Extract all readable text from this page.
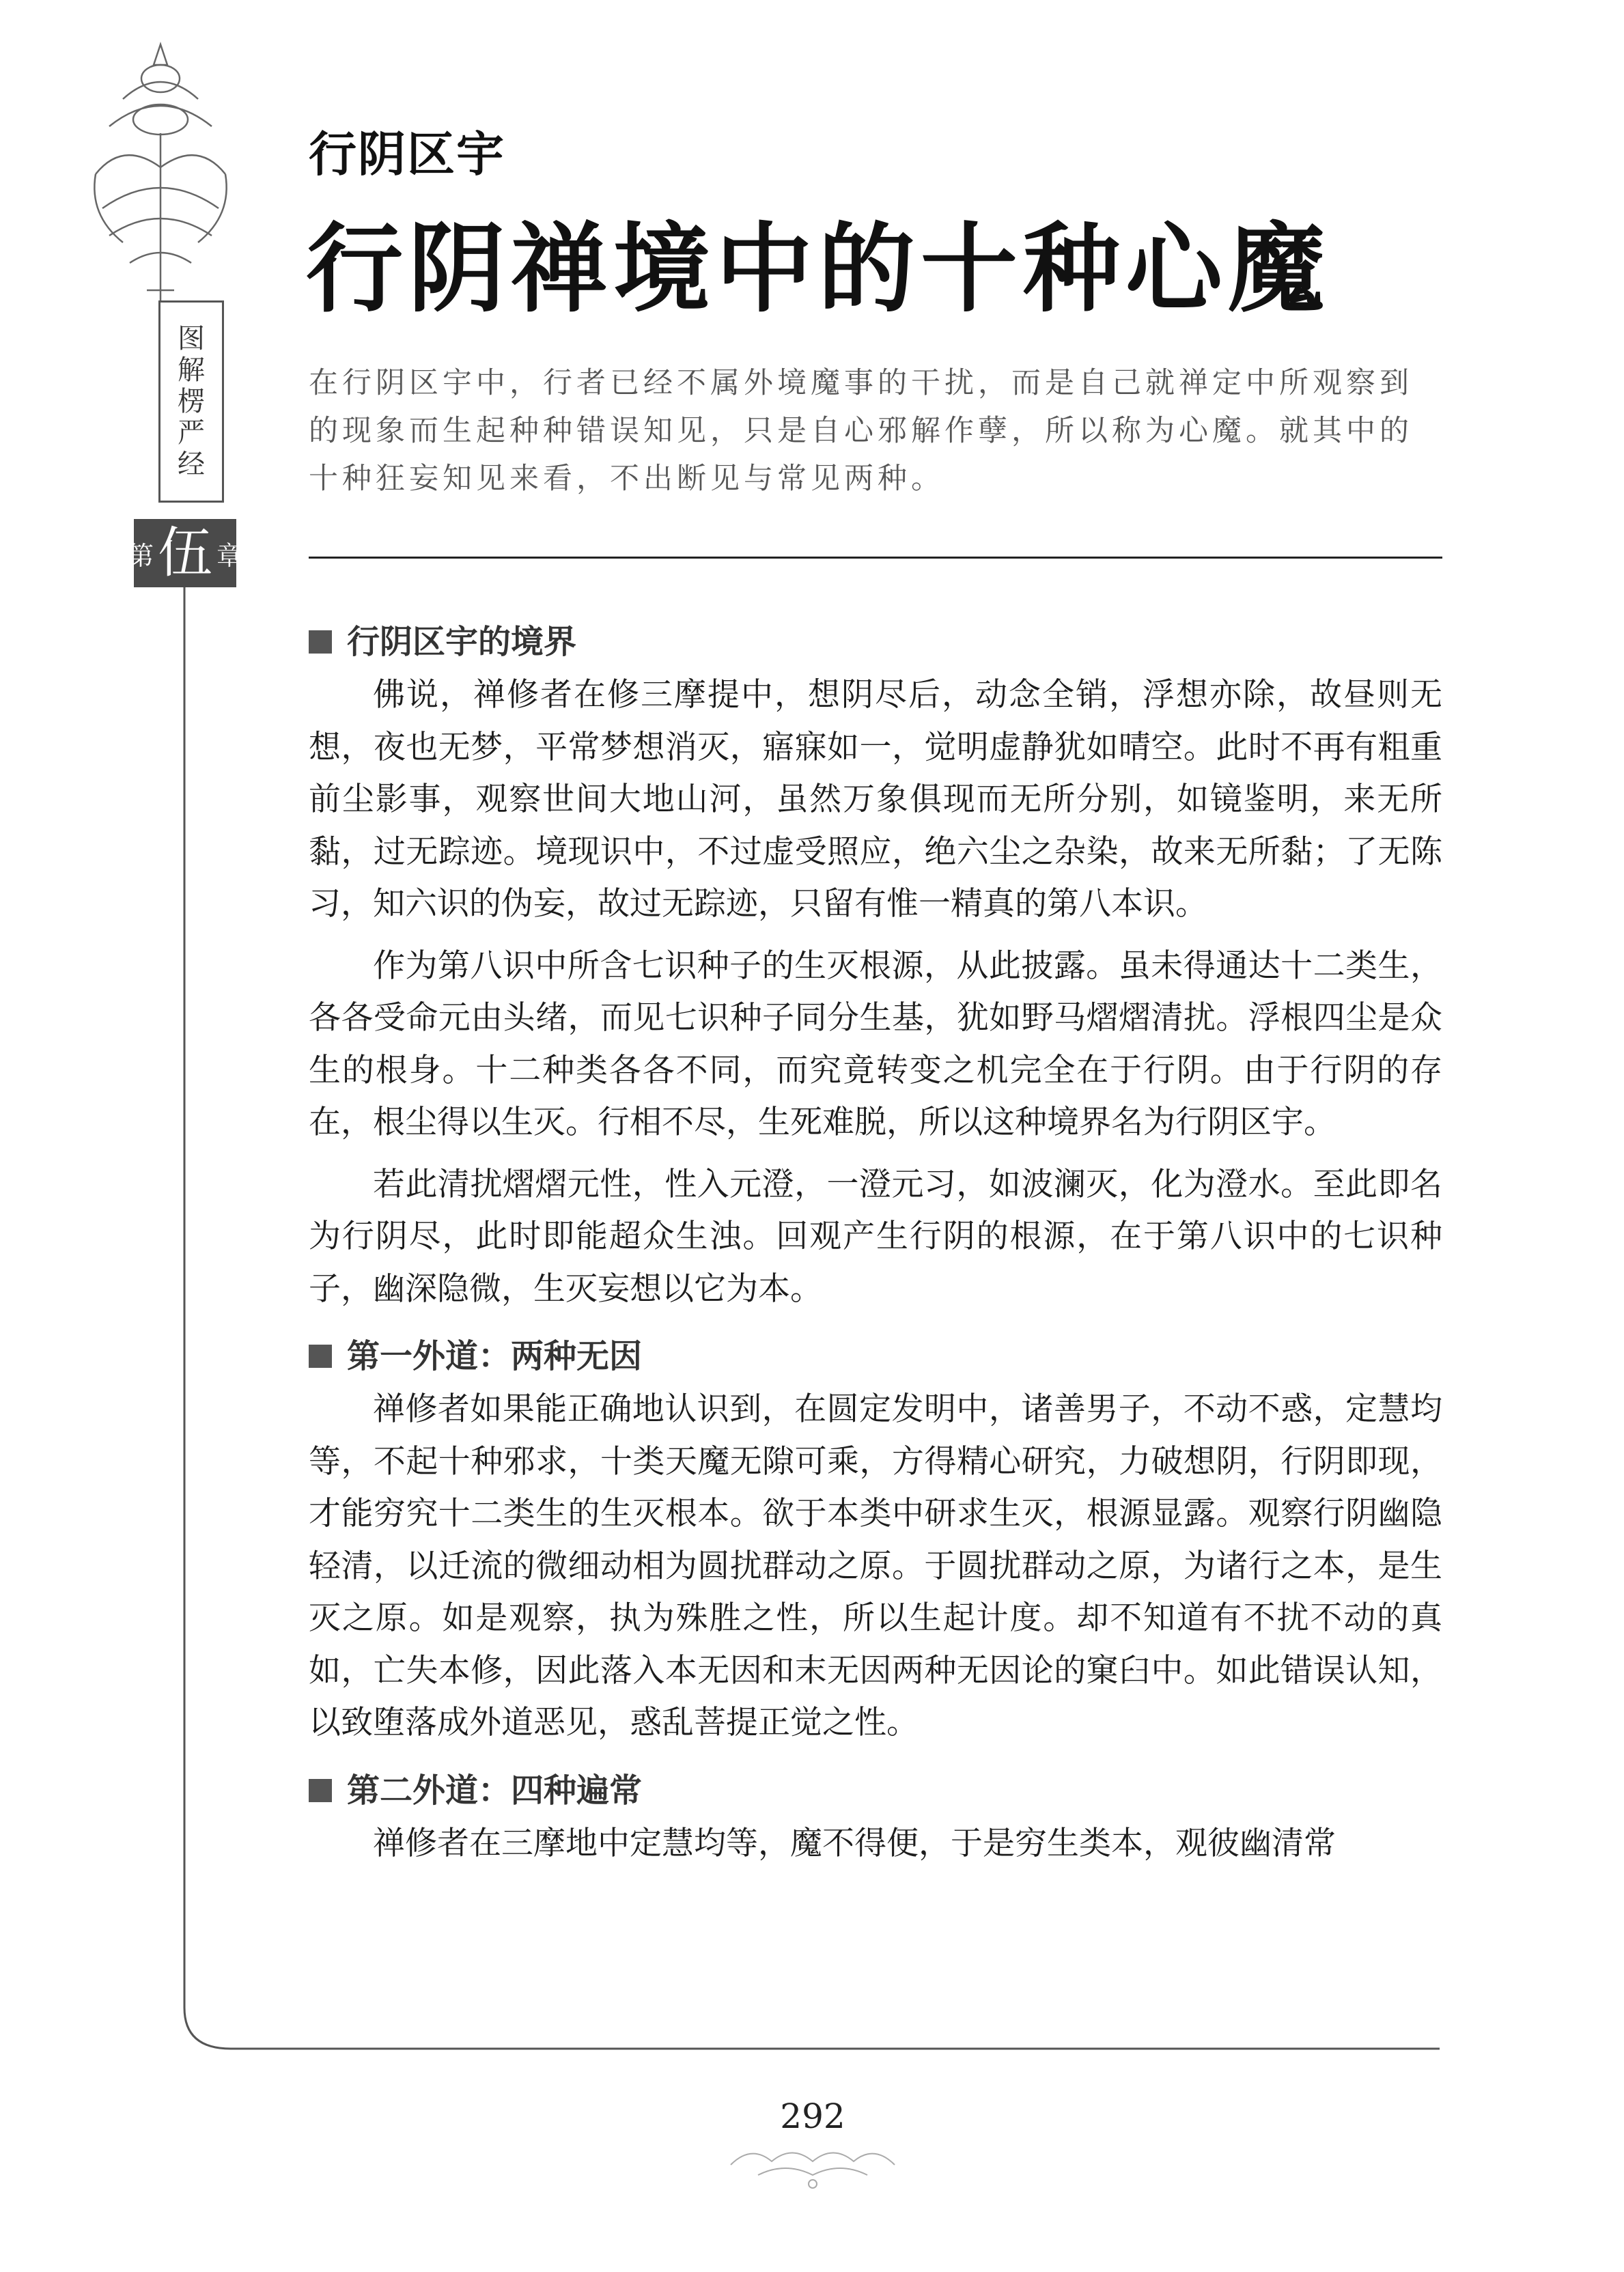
图
解
楞
严
经
第 伍 章
行阴区宇
行阴禅境中的十种心魔
在行阴区宇中，行者已经不属外境魔事的干扰，而是自己就禅定中所观察到的现象而生起种种错误知见，只是自心邪解作孽，所以称为心魔。就其中的十种狂妄知见来看，不出断见与常见两种。
行阴区宇的境界

佛说，禅修者在修三摩提中，想阴尽后，动念全销，浮想亦除，故昼则无想，夜也无梦，平常梦想消灭，寤寐如一，觉明虚静犹如晴空。此时不再有粗重前尘影事，观察世间大地山河，虽然万象俱现而无所分别，如镜鉴明，来无所黏，过无踪迹。境现识中，不过虚受照应，绝六尘之杂染，故来无所黏；了无陈习，知六识的伪妄，故过无踪迹，只留有惟一精真的第八本识。

作为第八识中所含七识种子的生灭根源，从此披露。虽未得通达十二类生，各各受命元由头绪，而见七识种子同分生基，犹如野马熠熠清扰。浮根四尘是众生的根身。十二种类各各不同，而究竟转变之机完全在于行阴。由于行阴的存在，根尘得以生灭。行相不尽，生死难脱，所以这种境界名为行阴区宇。

若此清扰熠熠元性，性入元澄，一澄元习，如波澜灭，化为澄水。至此即名为行阴尽，此时即能超众生浊。回观产生行阴的根源，在于第八识中的七识种子，幽深隐微，生灭妄想以它为本。

第一外道：两种无因

禅修者如果能正确地认识到，在圆定发明中，诸善男子，不动不惑，定慧均等，不起十种邪求，十类天魔无隙可乘，方得精心研究，力破想阴，行阴即现，才能穷究十二类生的生灭根本。欲于本类中研求生灭，根源显露。观察行阴幽隐轻清，以迁流的微细动相为圆扰群动之原。于圆扰群动之原，为诸行之本，是生灭之原。如是观察，执为殊胜之性，所以生起计度。却不知道有不扰不动的真如，亡失本修，因此落入本无因和末无因两种无因论的窠臼中。如此错误认知，以致堕落成外道恶见，惑乱菩提正觉之性。

第二外道：四种遍常

禅修者在三摩地中定慧均等，魔不得便，于是穷生类本，观彼幽清常

292
